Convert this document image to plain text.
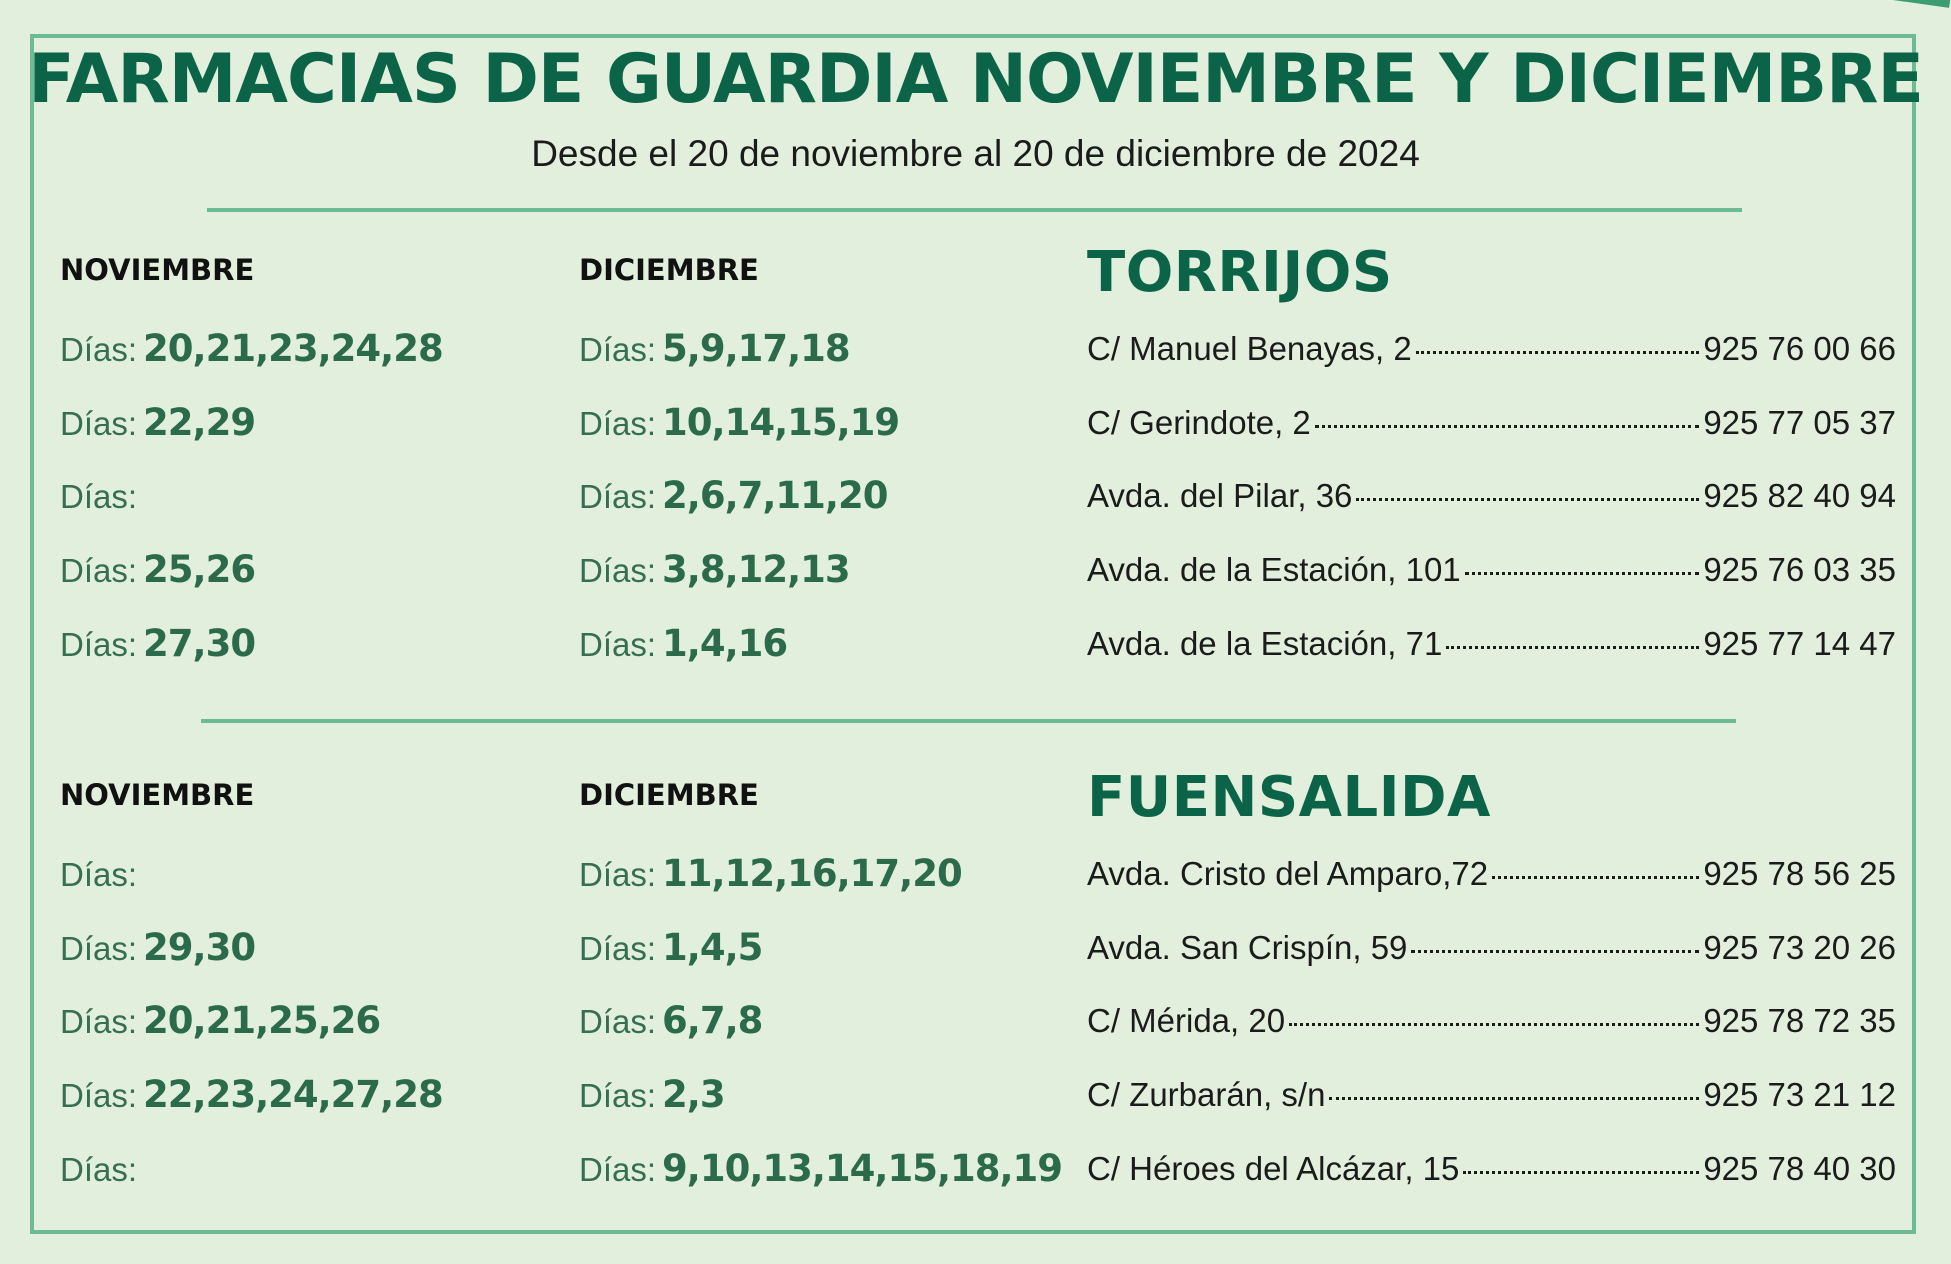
FARMACIAS DE GUARDIA NOVIEMBRE Y DICIEMBRE
Desde el 20 de noviembre al 20 de diciembre de 2024
NOVIEMBRE	DICIEMBRE	TORRIJOS
Días: 20,21,23,24,28	Días: 5,9,17,18	C/ Manuel Benayas, 2	925 76 00 66
Días: 22,29	Días: 10,14,15,19	C/ Gerindote, 2	925 77 05 37
Días:	Días: 2,6,7,11,20	Avda. del Pilar, 36	925 82 40 94
Días: 25,26	Días: 3,8,12,13	Avda. de la Estación, 101	925 76 03 35
Días: 27,30	Días: 1,4,16	Avda. de la Estación, 71	925 77 14 47
NOVIEMBRE	DICIEMBRE	FUENSALIDA
Días:	Días: 11,12,16,17,20	Avda. Cristo del Amparo,72	925 78 56 25
Días: 29,30	Días: 1,4,5	Avda. San Crispín, 59	925 73 20 26
Días: 20,21,25,26	Días: 6,7,8	C/ Mérida, 20	925 78 72 35
Días: 22,23,24,27,28	Días: 2,3	C/ Zurbarán, s/n	925 73 21 12
Días:	Días: 9,10,13,14,15,18,19 C/ Héroes del Alcázar, 15	925 78 40 30
